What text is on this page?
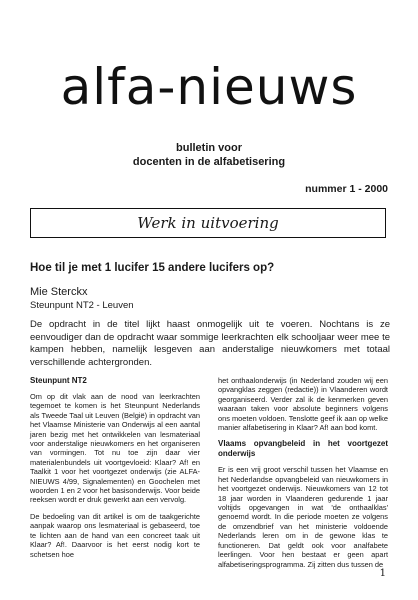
alfa-nieuws
bulletin voor
docenten in de alfabetisering
nummer 1 - 2000
Werk in uitvoering
Hoe til je met 1 lucifer 15 andere lucifers op?
Mie Sterckx
Steunpunt NT2 - Leuven
De opdracht in de titel lijkt haast onmogelijk uit te voeren. Nochtans is ze eenvoudiger dan de opdracht waar sommige leerkrachten elk schooljaar weer mee te kampen hebben, namelijk lesgeven aan anderstalige nieuwkomers met totaal verschillende achtergronden.
Steunpunt NT2

Om op dit vlak aan de nood van leerkrachten tegemoet te komen is het Steunpunt Nederlands als Tweede Taal uit Leuven (België) in opdracht van het Vlaamse Ministerie van Onderwijs al een aantal jaren bezig met het ontwikkelen van lesmateriaal voor anderstalige nieuwkomers en het organiseren van vormingen. Tot nu toe zijn daar vier materialenbundels uit voortgevloeid: Klaar? Af! en Taalkit 1 voor het voortgezet onderwijs (zie ALFA-NIEUWS 4/99, Signalementen) en Goochelen met woorden 1 en 2 voor het basisonderwijs. Voor beide reeksen wordt er druk gewerkt aan een vervolg.

De bedoeling van dit artikel is om de taakgerichte aanpak waarop ons lesmateriaal is gebaseerd, toe te lichten aan de hand van een concreet taak uit Klaar? Af!. Daarvoor is het eerst nodig kort te schetsen hoe

het onthaalonderwijs (in Nederland zouden wij een opvangklas zeggen (redactie)) in Vlaanderen wordt georganiseerd. Verder zal ik de kenmerken geven waaraan taken voor absolute beginners volgens ons moeten voldoen. Tenslotte geef ik aan op welke manier alfabetisering in Klaar? Af! aan bod komt.

Vlaams opvangbeleid in het voortgezet onderwijs

Er is een vrij groot verschil tussen het Vlaamse en het Nederlandse opvangbeleid van nieuwkomers in het voortgezet onderwijs. Nieuwkomers van 12 tot 18 jaar worden in Vlaanderen gedurende 1 jaar voltijds opgevangen in wat 'de onthaalklas' genoemd wordt. In die periode moeten ze volgens de omzendbrief van het ministerie voldoende Nederlands leren om in de gewone klas te functioneren. Dat geldt ook voor analfabete leerlingen. Voor hen bestaat er geen apart alfabetiseringsprogramma. Zij zitten dus tussen de

1
